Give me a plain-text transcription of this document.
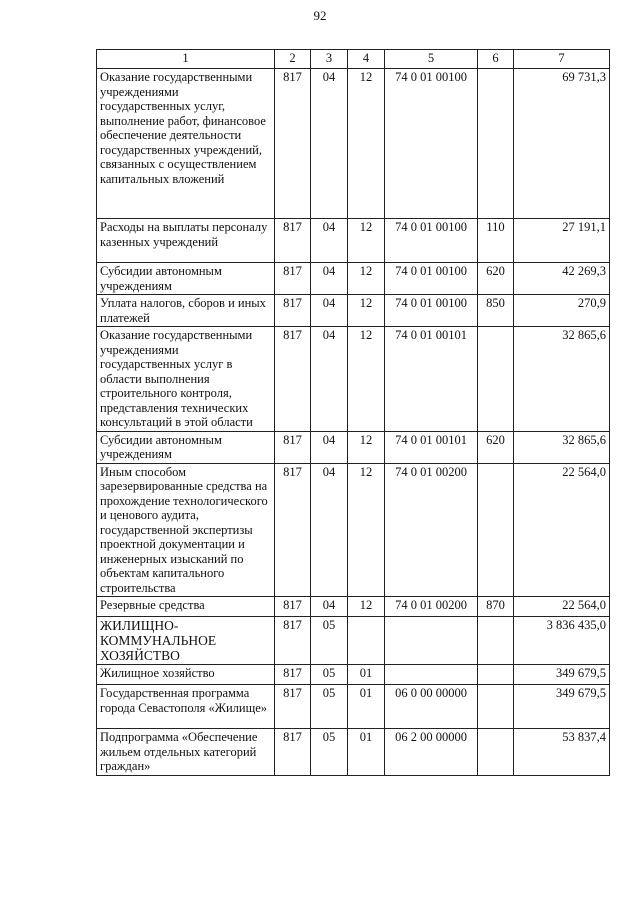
92
1	2	3	4	5	6	7
Оказание государственными учреждениями государственных услуг, выполнение работ, финансовое обеспечение деятельности государственных учреждений, связанных с осуществлением капитальных вложений	817	04	12	74 0 01 00100		69 731,3
Расходы на выплаты персоналу казенных учреждений	817	04	12	74 0 01 00100	110	27 191,1
Субсидии автономным учреждениям	817	04	12	74 0 01 00100	620	42 269,3
Уплата налогов, сборов и иных платежей	817	04	12	74 0 01 00100	850	270,9
Оказание государственными учреждениями государственных услуг в области выполнения строительного контроля, представления технических консультаций в этой области	817	04	12	74 0 01 00101		32 865,6
Субсидии автономным учреждениям	817	04	12	74 0 01 00101	620	32 865,6
Иным способом зарезервированные средства на прохождение технологического и ценового аудита, государственной экспертизы проектной документации и инженерных изысканий по объектам капитального строительства	817	04	12	74 0 01 00200		22 564,0
Резервные средства	817	04	12	74 0 01 00200	870	22 564,0
ЖИЛИЩНО-КОММУНАЛЬНОЕ ХОЗЯЙСТВО	817	05				3 836 435,0
Жилищное хозяйство	817	05	01			349 679,5
Государственная программа города Севастополя «Жилище»	817	05	01	06 0 00 00000		349 679,5
Подпрограмма «Обеспечение жильем отдельных категорий граждан»	817	05	01	06 2 00 00000		53 837,4
